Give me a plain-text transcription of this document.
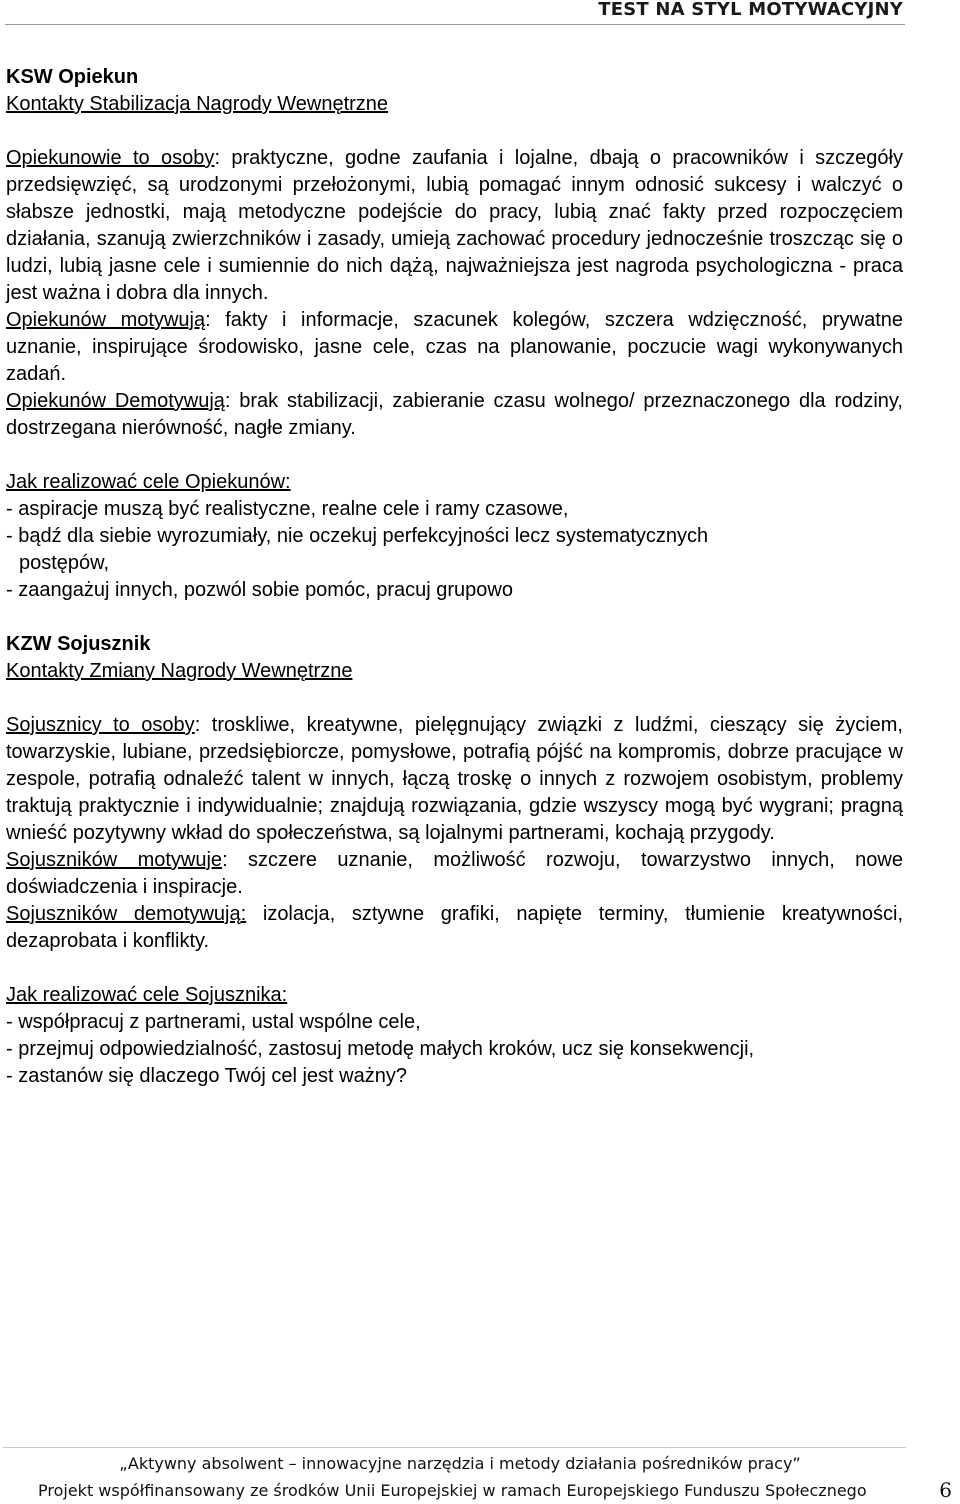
TEST NA STYL MOTYWACYJNY

KSW Opiekun

Kontakty Stabilizacja Nagrody Wewnętrzne

Opiekunowie to osoby: praktyczne, godne zaufania i lojalne, dbają o pracowników i szczegóły przedsięwzięć, są urodzonymi przełożonymi, lubią pomagać innym odnosić sukcesy i walczyć o słabsze jednostki, mają metodyczne podejście do pracy, lubią znać fakty przed rozpoczęciem działania, szanują zwierzchników i zasady, umieją zachować procedury jednocześnie troszcząc się o ludzi, lubią jasne cele i sumiennie do nich dążą, najważniejsza jest nagroda psychologiczna - praca jest ważna i dobra dla innych.

Opiekunów motywują: fakty i informacje, szacunek kolegów, szczera wdzięczność, prywatne uznanie, inspirujące środowisko, jasne cele, czas na planowanie, poczucie wagi wykonywanych zadań.

Opiekunów Demotywują: brak stabilizacji, zabieranie czasu wolnego/ przeznaczonego dla rodziny, dostrzegana nierówność, nagłe zmiany.

Jak realizować cele Opiekunów:

- aspiracje muszą być realistyczne, realne cele i ramy czasowe,

- bądź dla siebie wyrozumiały, nie oczekuj perfekcyjności lecz systematycznych

postępów,

- zaangażuj innych, pozwól sobie pomóc, pracuj grupowo

KZW Sojusznik

Kontakty Zmiany Nagrody Wewnętrzne

Sojusznicy to osoby: troskliwe, kreatywne, pielęgnujący związki z ludźmi, cieszący się życiem, towarzyskie, lubiane, przedsiębiorcze, pomysłowe, potrafią pójść na kompromis, dobrze pracujące w zespole, potrafią odnaleźć talent w innych, łączą troskę o innych z rozwojem osobistym, problemy traktują praktycznie i indywidualnie; znajdują rozwiązania, gdzie wszyscy mogą być wygrani; pragną wnieść pozytywny wkład do społeczeństwa, są lojalnymi partnerami, kochają przygody.

Sojuszników motywuje: szczere uznanie, możliwość rozwoju, towarzystwo innych, nowe doświadczenia i inspiracje.

Sojuszników demotywują: izolacja, sztywne grafiki, napięte terminy, tłumienie kreatywności, dezaprobata i konflikty.

Jak realizować cele Sojusznika:

- współpracuj z partnerami, ustal wspólne cele,

- przejmuj odpowiedzialność, zastosuj metodę małych kroków, ucz się konsekwencji,

- zastanów się dlaczego Twój cel jest ważny?

„Aktywny absolwent – innowacyjne narzędzia i metody działania pośredników pracy”
Projekt współfinansowany ze środków Unii Europejskiej w ramach Europejskiego Funduszu Społecznego	6
